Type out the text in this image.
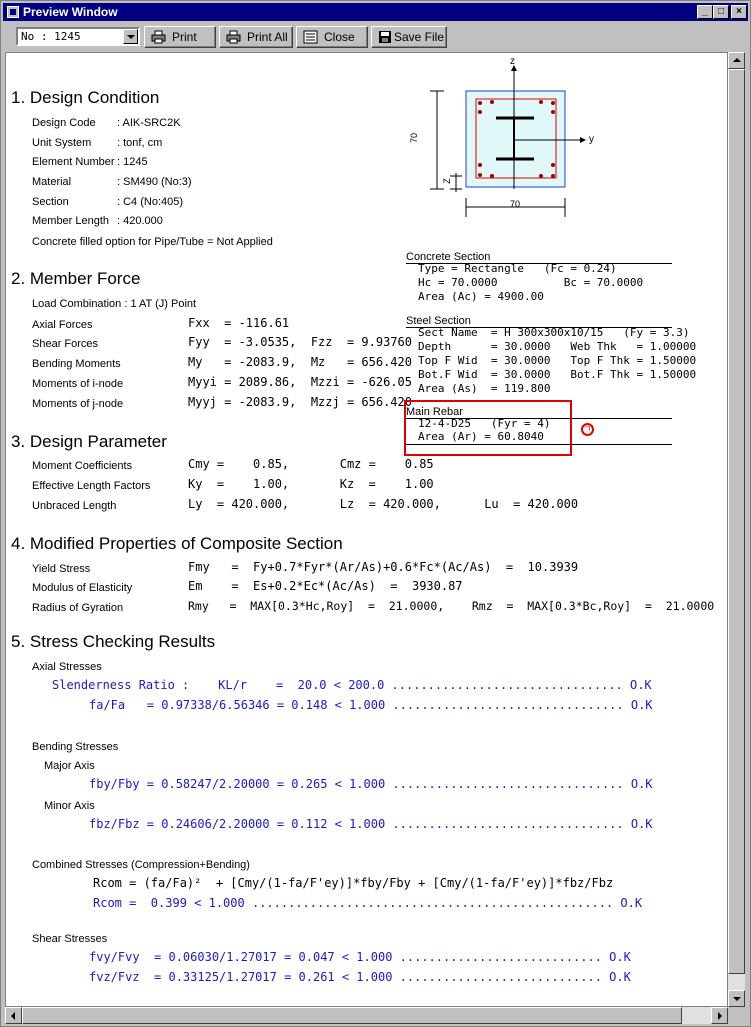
Preview Window	_	□	×
No : 1245	Print	Print All	Close	Save File
1. Design Condition
Design Code : AIK-SRC2K
Unit System : tonf, cm
Element Number : 1245
Material	: SM490 (No:3)
Section	: C4 (No:405)
Member Length : 420.000
Concrete filled option for Pipe/Tube = Not Applied
z
y
70
Z
70
2. Member Force
Load Combination : 1 AT (J) Point
Axial Forces	Fxx  = -116.61
Shear Forces	Fyy  = -3.0535,  Fzz  = 9.93760
Bending Moments	My   = -2083.9,  Mz   = 656.420
Moments of i-node	Myyi = 2089.86,  Mzzi = -626.05
Moments of j-node	Myyj = -2083.9,  Mzzj = 656.420
Concrete Section
Type = Rectangle   (Fc = 0.24)
Hc = 70.0000          Bc = 70.0000
Area (Ac) = 4900.00
Steel Section
Sect Name  = H 300x300x10/15   (Fy = 3.3)
Depth      = 30.0000   Web Thk   = 1.00000
Top F Wid  = 30.0000   Top F Thk = 1.50000
Bot.F Wid  = 30.0000   Bot.F Thk = 1.50000
Area (As)  = 119.800
Main Rebar
12-4-D25   (Fyr = 4)
Area (Ar) = 60.8040
ㄱ
3. Design Parameter
Moment Coefficients	Cmy =    0.85,       Cmz =    0.85
Effective Length Factors	Ky  =    1.00,       Kz  =    1.00
Unbraced Length	Ly  = 420.000,       Lz  = 420.000,      Lu  = 420.000
4. Modified Properties of Composite Section
Yield Stress	Fmy   =  Fy+0.7*Fyr*(Ar/As)+0.6*Fc*(Ac/As)  =  10.3939
Modulus of Elasticity	Em    =  Es+0.2*Ec*(Ac/As)  =  3930.87
Radius of Gyration	Rmy   =  MAX[0.3*Hc,Roy]  =  21.0000,    Rmz  =  MAX[0.3*Bc,Roy]  =  21.0000
5. Stress Checking Results
Axial Stresses
Slenderness Ratio :    KL/r    =  20.0 < 200.0 ................................ O.K
fa/Fa   = 0.97338/6.56346 = 0.148 < 1.000 ................................ O.K
Bending Stresses
Major Axis
fby/Fby = 0.58247/2.20000 = 0.265 < 1.000 ................................ O.K
Minor Axis
fbz/Fbz = 0.24606/2.20000 = 0.112 < 1.000 ................................ O.K
Combined Stresses (Compression+Bending)
Rcom = (fa/Fa)²  + [Cmy/(1-fa/F'ey)]*fby/Fby + [Cmy/(1-fa/F'ey)]*fbz/Fbz
Rcom =  0.399 < 1.000 .................................................. O.K
Shear Stresses
fvy/Fvy  = 0.06030/1.27017 = 0.047 < 1.000 ............................ O.K
fvz/Fvz  = 0.33125/1.27017 = 0.261 < 1.000 ............................ O.K
